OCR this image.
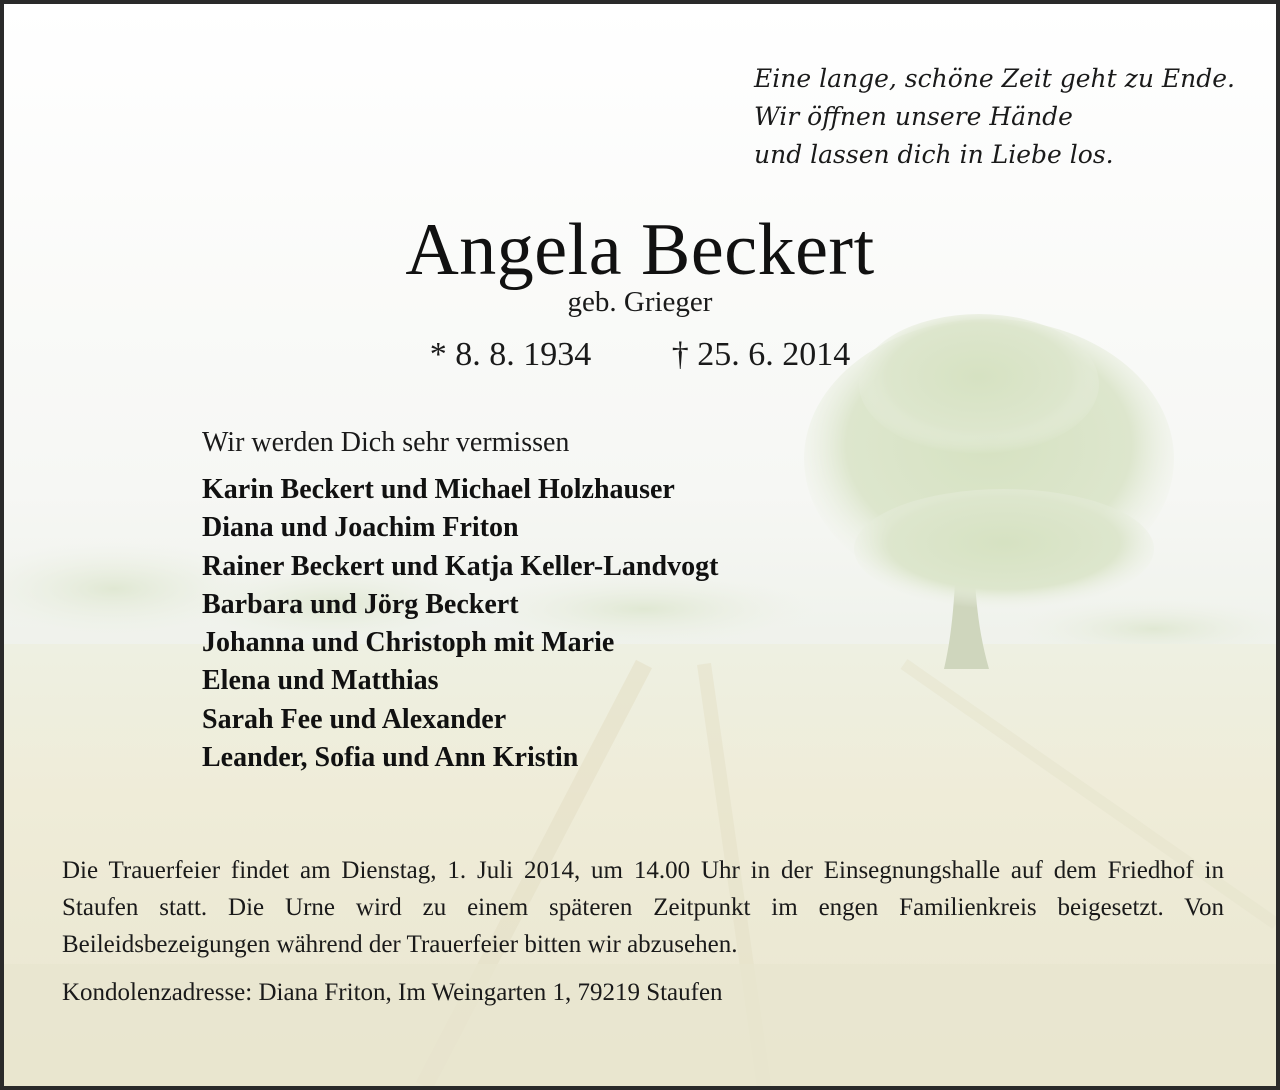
Eine lange, schöne Zeit geht zu Ende.
Wir öffnen unsere Hände
und lassen dich in Liebe los.
Angela Beckert
geb. Grieger
* 8. 8. 1934 † 25. 6. 2014
Wir werden Dich sehr vermissen
Karin Beckert und Michael Holzhauser
Diana und Joachim Friton
Rainer Beckert und Katja Keller-Landvogt
Barbara und Jörg Beckert
Johanna und Christoph mit Marie
Elena und Matthias
Sarah Fee und Alexander
Leander, Sofia und Ann Kristin
Die Trauerfeier findet am Dienstag, 1. Juli 2014, um 14.00 Uhr in der Einsegnungshalle auf dem Friedhof in Staufen statt. Die Urne wird zu einem späteren Zeitpunkt im engen Familienkreis beigesetzt. Von Beileidsbezeigungen während der Trauerfeier bitten wir abzusehen.
Kondolenzadresse: Diana Friton, Im Weingarten 1, 79219 Staufen
